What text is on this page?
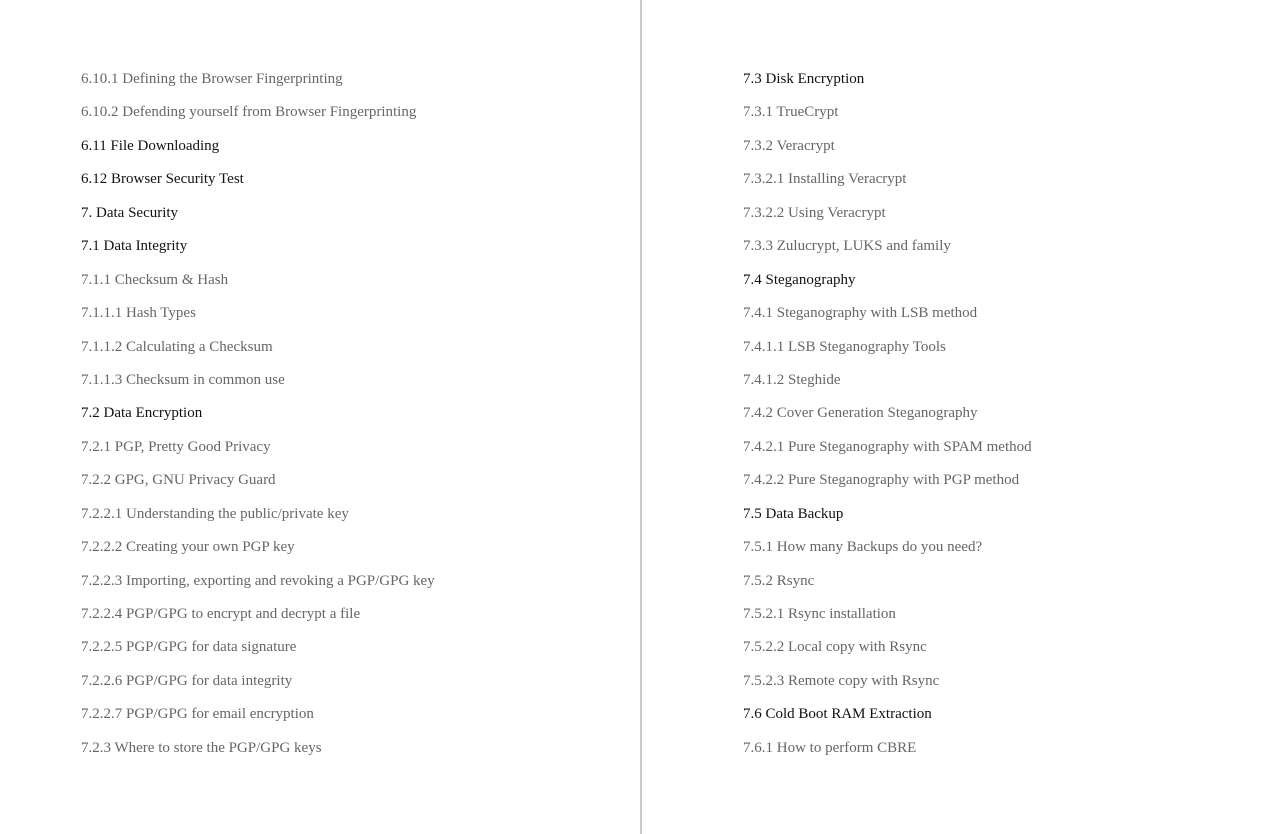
6.10.1 Defining the Browser Fingerprinting
6.10.2 Defending yourself from Browser Fingerprinting
6.11 File Downloading
6.12 Browser Security Test
7. Data Security
7.1 Data Integrity
7.1.1 Checksum & Hash
7.1.1.1 Hash Types
7.1.1.2 Calculating a Checksum
7.1.1.3 Checksum in common use
7.2 Data Encryption
7.2.1 PGP, Pretty Good Privacy
7.2.2 GPG, GNU Privacy Guard
7.2.2.1 Understanding the public/private key
7.2.2.2 Creating your own PGP key
7.2.2.3 Importing, exporting and revoking a PGP/GPG key
7.2.2.4 PGP/GPG to encrypt and decrypt a file
7.2.2.5 PGP/GPG for data signature
7.2.2.6 PGP/GPG for data integrity
7.2.2.7 PGP/GPG for email encryption
7.2.3 Where to store the PGP/GPG keys
7.3 Disk Encryption
7.3.1 TrueCrypt
7.3.2 Veracrypt
7.3.2.1 Installing Veracrypt
7.3.2.2 Using Veracrypt
7.3.3 Zulucrypt, LUKS and family
7.4 Steganography
7.4.1 Steganography with LSB method
7.4.1.1 LSB Steganography Tools
7.4.1.2 Steghide
7.4.2 Cover Generation Steganography
7.4.2.1 Pure Steganography with SPAM method
7.4.2.2 Pure Steganography with PGP method
7.5 Data Backup
7.5.1 How many Backups do you need?
7.5.2 Rsync
7.5.2.1 Rsync installation
7.5.2.2 Local copy with Rsync
7.5.2.3 Remote copy with Rsync
7.6 Cold Boot RAM Extraction
7.6.1 How to perform CBRE
